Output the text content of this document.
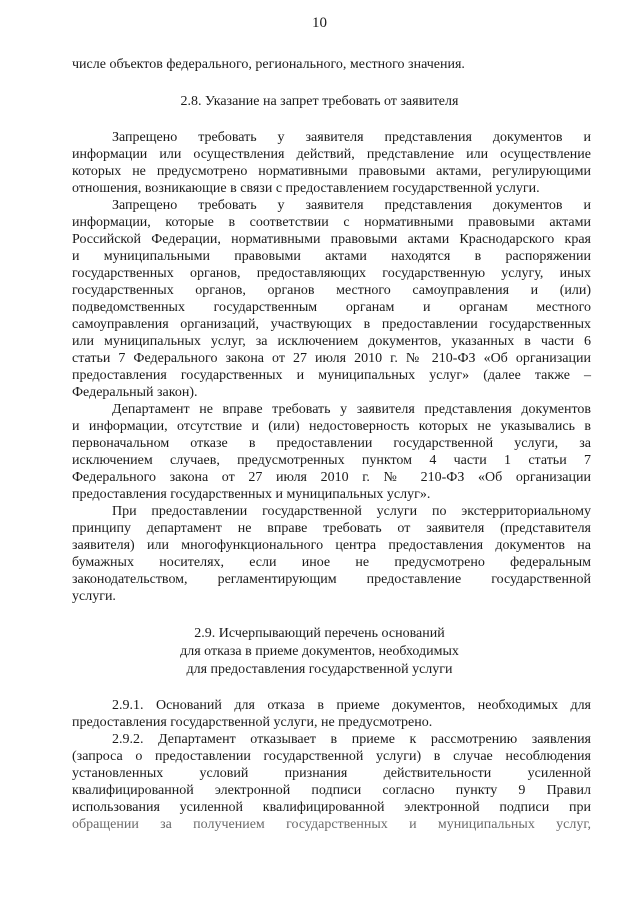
10
числе объектов федерального, регионального, местного значения.
2.8. Указание на запрет требовать от заявителя
Запрещено требовать у заявителя представления документов и
информации или осуществления действий, представление или осуществление
которых не предусмотрено нормативными правовыми актами, регулирующими
отношения, возникающие в связи с предоставлением государственной услуги.
Запрещено требовать у заявителя представления документов и
информации, которые в соответствии с нормативными правовыми актами
Российской Федерации, нормативными правовыми актами Краснодарского края
и муниципальными правовыми актами находятся в распоряжении
государственных органов, предоставляющих государственную услугу, иных
государственных органов, органов местного самоуправления и (или)
подведомственных государственным органам и органам местного
самоуправления организаций, участвующих в предоставлении государственных
или муниципальных услуг, за исключением документов, указанных в части 6
статьи 7 Федерального закона от 27 июля 2010 г. № 210-ФЗ «Об организации
предоставления государственных и муниципальных услуг» (далее также –
Федеральный закон).
Департамент не вправе требовать у заявителя представления документов
и информации, отсутствие и (или) недостоверность которых не указывались в
первоначальном отказе в предоставлении государственной услуги, за
исключением случаев, предусмотренных пунктом 4 части 1 статьи 7
Федерального закона от 27 июля 2010 г. № 210-ФЗ «Об организации
предоставления государственных и муниципальных услуг».
При предоставлении государственной услуги по экстерриториальному
принципу департамент не вправе требовать от заявителя (представителя
заявителя) или многофункционального центра предоставления документов на
бумажных носителях, если иное не предусмотрено федеральным
законодательством, регламентирующим предоставление государственной
услуги.
2.9. Исчерпывающий перечень оснований
для отказа в приеме документов, необходимых
для предоставления государственной услуги
2.9.1. Оснований для отказа в приеме документов, необходимых для
предоставления государственной услуги, не предусмотрено.
2.9.2. Департамент отказывает в приеме к рассмотрению заявления
(запроса о предоставлении государственной услуги) в случае несоблюдения
установленных условий признания действительности усиленной
квалифицированной электронной подписи согласно пункту 9 Правил
использования усиленной квалифицированной электронной подписи при
обращении за получением государственных и муниципальных услуг,
